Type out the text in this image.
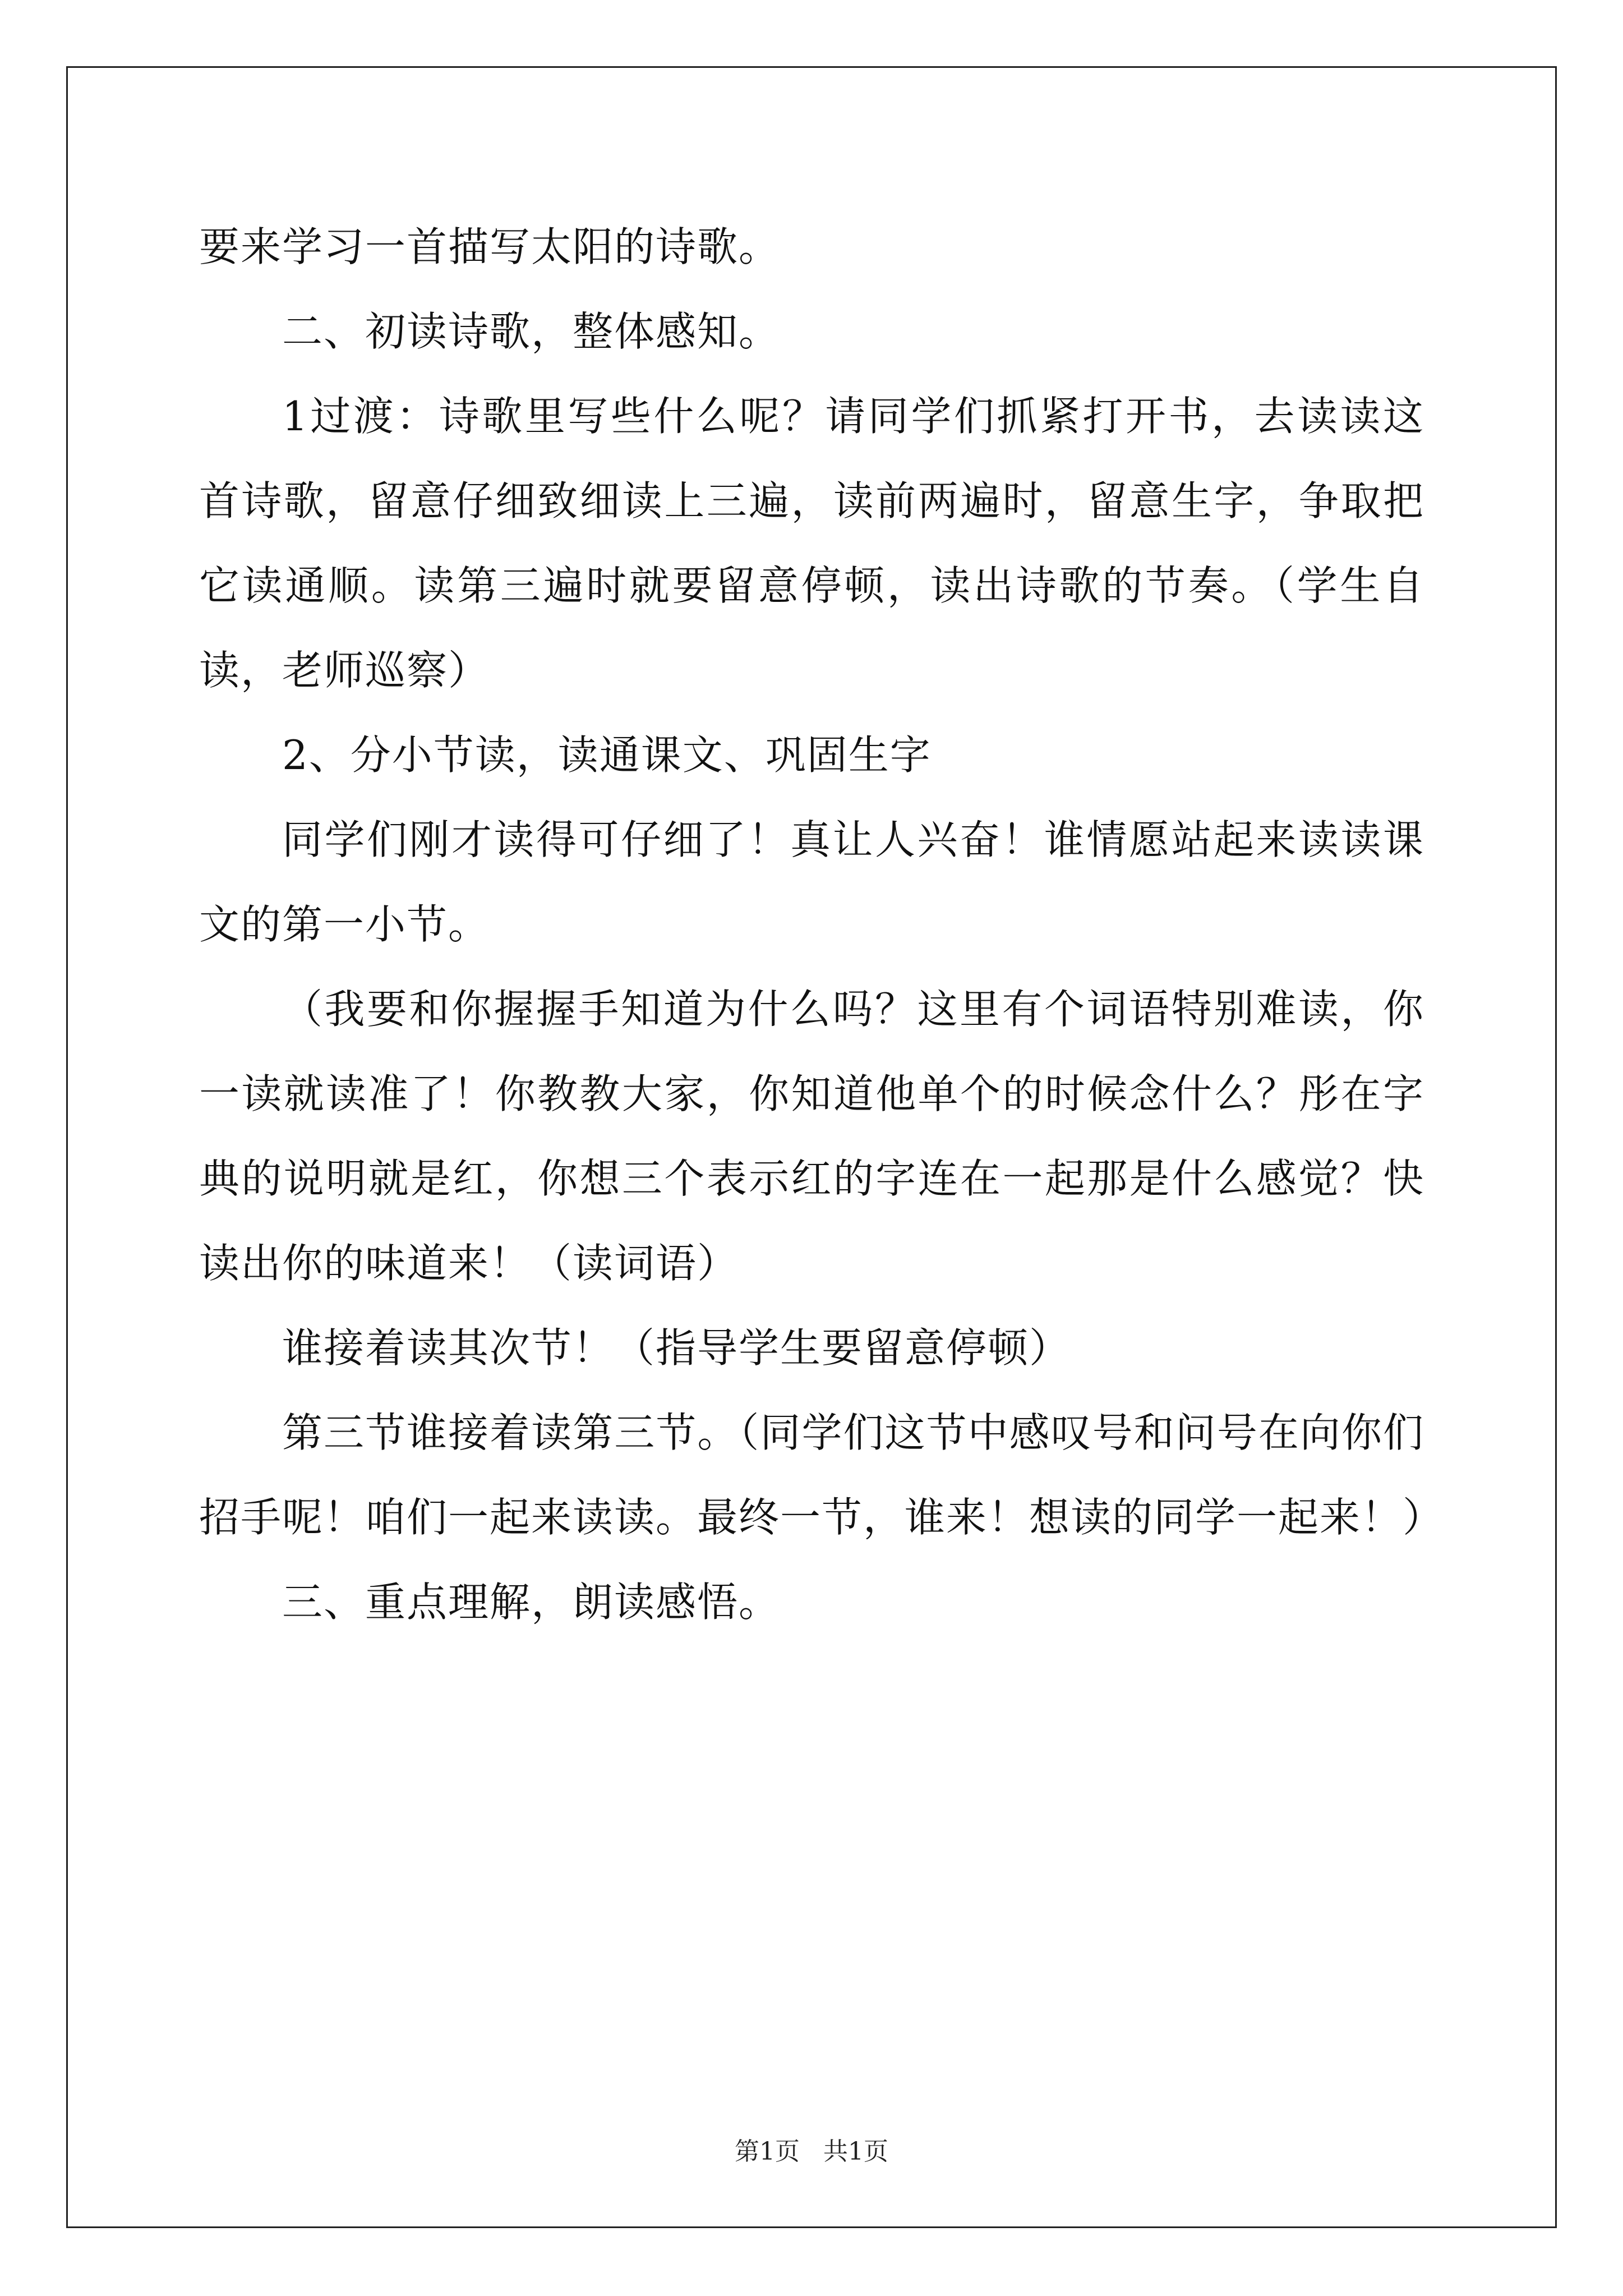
要来学习一首描写太阳的诗歌。

二、初读诗歌，整体感知。

1过渡：诗歌里写些什么呢？请同学们抓紧打开书，去读读这首诗歌，留意仔细致细读上三遍，读前两遍时，留意生字，争取把它读通顺。读第三遍时就要留意停顿，读出诗歌的节奏。（学生自读，老师巡察）

2、分小节读，读通课文、巩固生字

同学们刚才读得可仔细了！真让人兴奋！谁情愿站起来读读课文的第一小节。

（我要和你握握手知道为什么吗？这里有个词语特别难读，你一读就读准了！你教教大家，你知道他单个的时候念什么？彤在字典的说明就是红，你想三个表示红的字连在一起那是什么感觉？快读出你的味道来！（读词语）

谁接着读其次节！（指导学生要留意停顿）

第三节谁接着读第三节。（同学们这节中感叹号和问号在向你们招手呢！咱们一起来读读。最终一节，谁来！想读的同学一起来！）

三、重点理解，朗读感悟。

第1页 共1页
